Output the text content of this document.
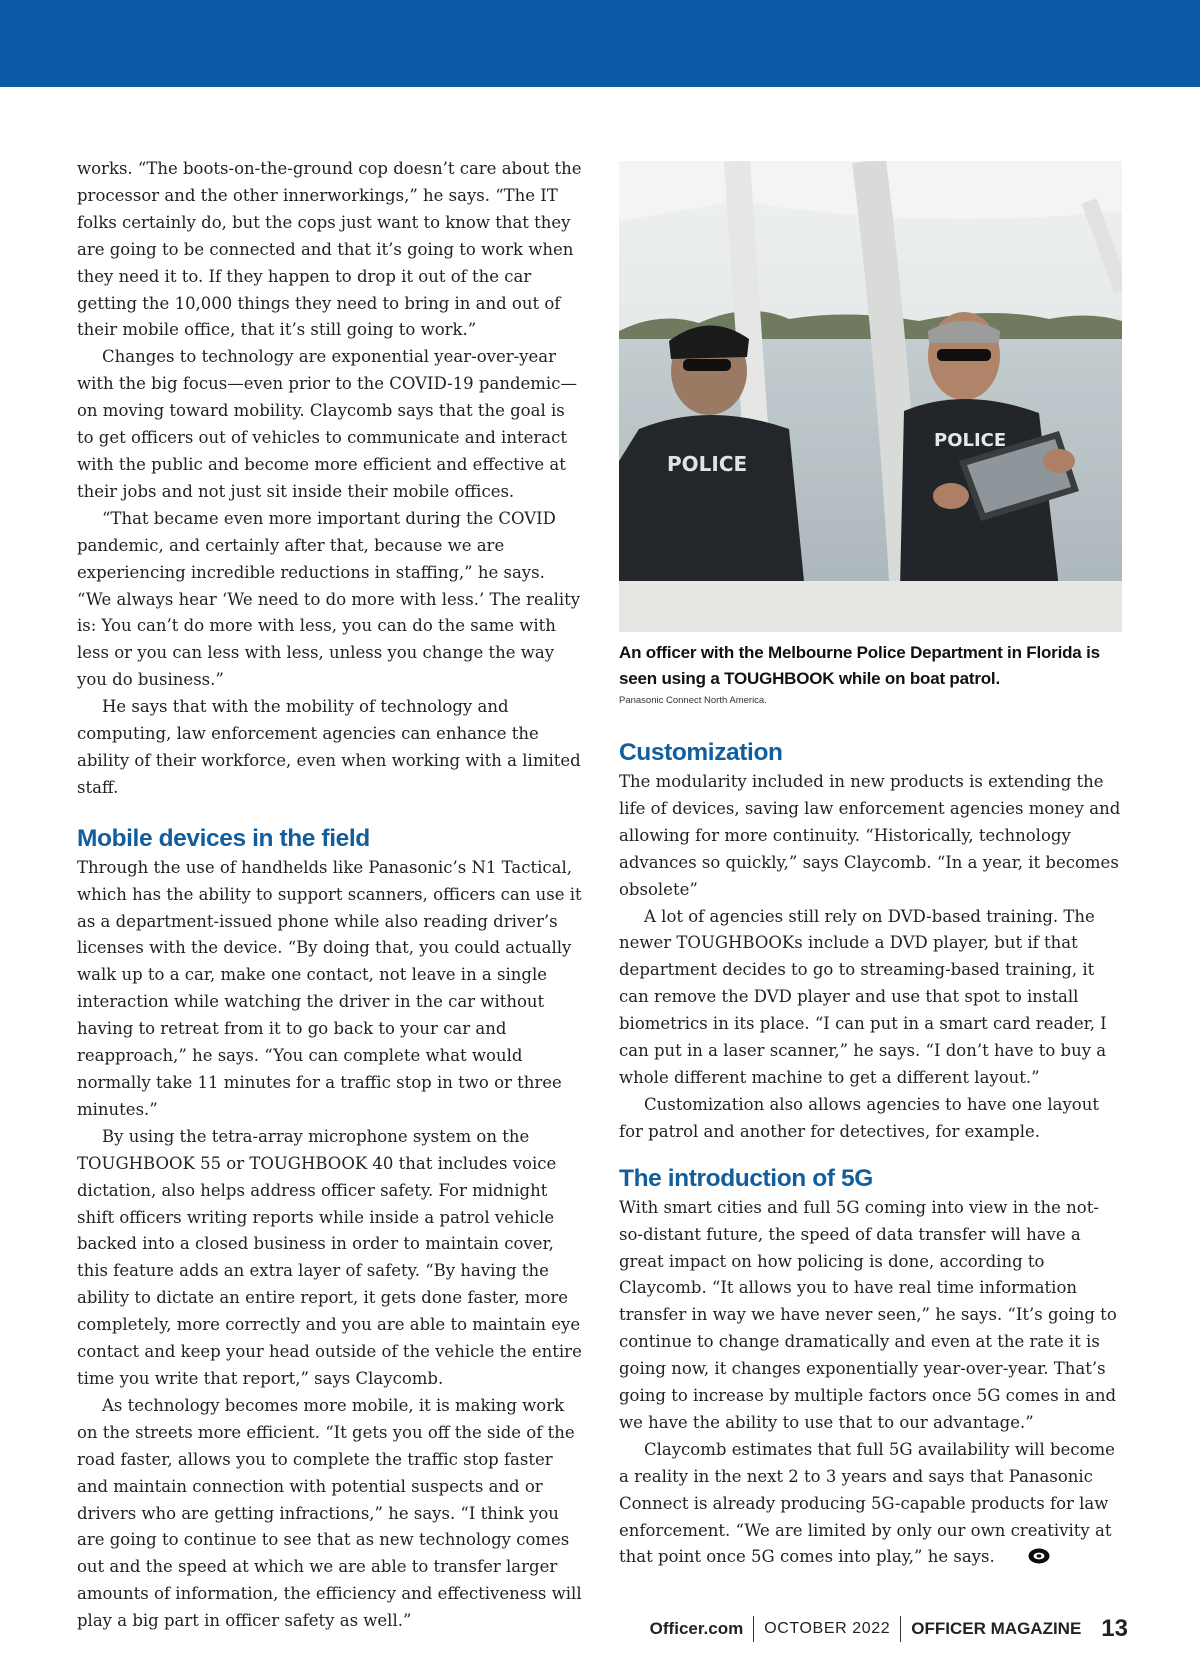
works. “The boots-on-the-ground cop doesn’t care about the processor and the other innerworkings,” he says. “The IT folks certainly do, but the cops just want to know that they are going to be connected and that it’s going to work when they need it to. If they happen to drop it out of the car getting the 10,000 things they need to bring in and out of their mobile office, that it’s still going to work.”

Changes to technology are exponential year-over-year with the big focus—even prior to the COVID-19 pandemic—on moving toward mobility. Claycomb says that the goal is to get officers out of vehicles to communicate and interact with the public and become more efficient and effective at their jobs and not just sit inside their mobile offices.

“That became even more important during the COVID pandemic, and certainly after that, because we are experiencing incredible reductions in staffing,” he says. “We always hear ‘We need to do more with less.’ The reality is: You can’t do more with less, you can do the same with less or you can less with less, unless you change the way you do business.”

He says that with the mobility of technology and computing, law enforcement agencies can enhance the ability of their workforce, even when working with a limited staff.

Mobile devices in the field

Through the use of handhelds like Panasonic’s N1 Tactical, which has the ability to support scanners, officers can use it as a department-issued phone while also reading driver’s licenses with the device. “By doing that, you could actually walk up to a car, make one contact, not leave in a single interaction while watching the driver in the car without having to retreat from it to go back to your car and reapproach,” he says. “You can complete what would normally take 11 minutes for a traffic stop in two or three minutes.”

By using the tetra-array microphone system on the TOUGHBOOK 55 or TOUGHBOOK 40 that includes voice dictation, also helps address officer safety. For midnight shift officers writing reports while inside a patrol vehicle backed into a closed business in order to maintain cover, this feature adds an extra layer of safety. “By having the ability to dictate an entire report, it gets done faster, more completely, more correctly and you are able to maintain eye contact and keep your head outside of the vehicle the entire time you write that report,” says Claycomb.

As technology becomes more mobile, it is making work on the streets more efficient. “It gets you off the side of the road faster, allows you to complete the traffic stop faster and maintain connection with potential suspects and or drivers who are getting infractions,” he says. “I think you are going to continue to see that as new technology comes out and the speed at which we are able to transfer larger amounts of information, the efficiency and effectiveness will play a big part in officer safety as well.”

POLICE
POLICE
An officer with the Melbourne Police Department in Florida is seen using a TOUGHBOOK while on boat patrol.
Panasonic Connect North America.
Customization

The modularity included in new products is extending the life of devices, saving law enforcement agencies money and allowing for more continuity. “Historically, technology advances so quickly,” says Claycomb. “In a year, it becomes obsolete”

A lot of agencies still rely on DVD-based training. The newer TOUGHBOOKs include a DVD player, but if that department decides to go to streaming-based training, it can remove the DVD player and use that spot to install biometrics in its place. “I can put in a smart card reader, I can put in a laser scanner,” he says. “I don’t have to buy a whole different machine to get a different layout.”

Customization also allows agencies to have one layout for patrol and another for detectives, for example.

The introduction of 5G

With smart cities and full 5G coming into view in the not-so-distant future, the speed of data transfer will have a great impact on how policing is done, according to Claycomb. “It allows you to have real time information transfer in way we have never seen,” he says. “It’s going to continue to change dramatically and even at the rate it is going now, it changes exponentially year-over-year. That’s going to increase by multiple factors once 5G comes in and we have the ability to use that to our advantage.”

Claycomb estimates that full 5G availability will become a reality in the next 2 to 3 years and says that Panasonic Connect is already producing 5G-capable products for law enforcement. “We are limited by only our own creativity at that point once 5G comes into play,” he says.

Officer.com OCTOBER 2022 OFFICER MAGAZINE 13
